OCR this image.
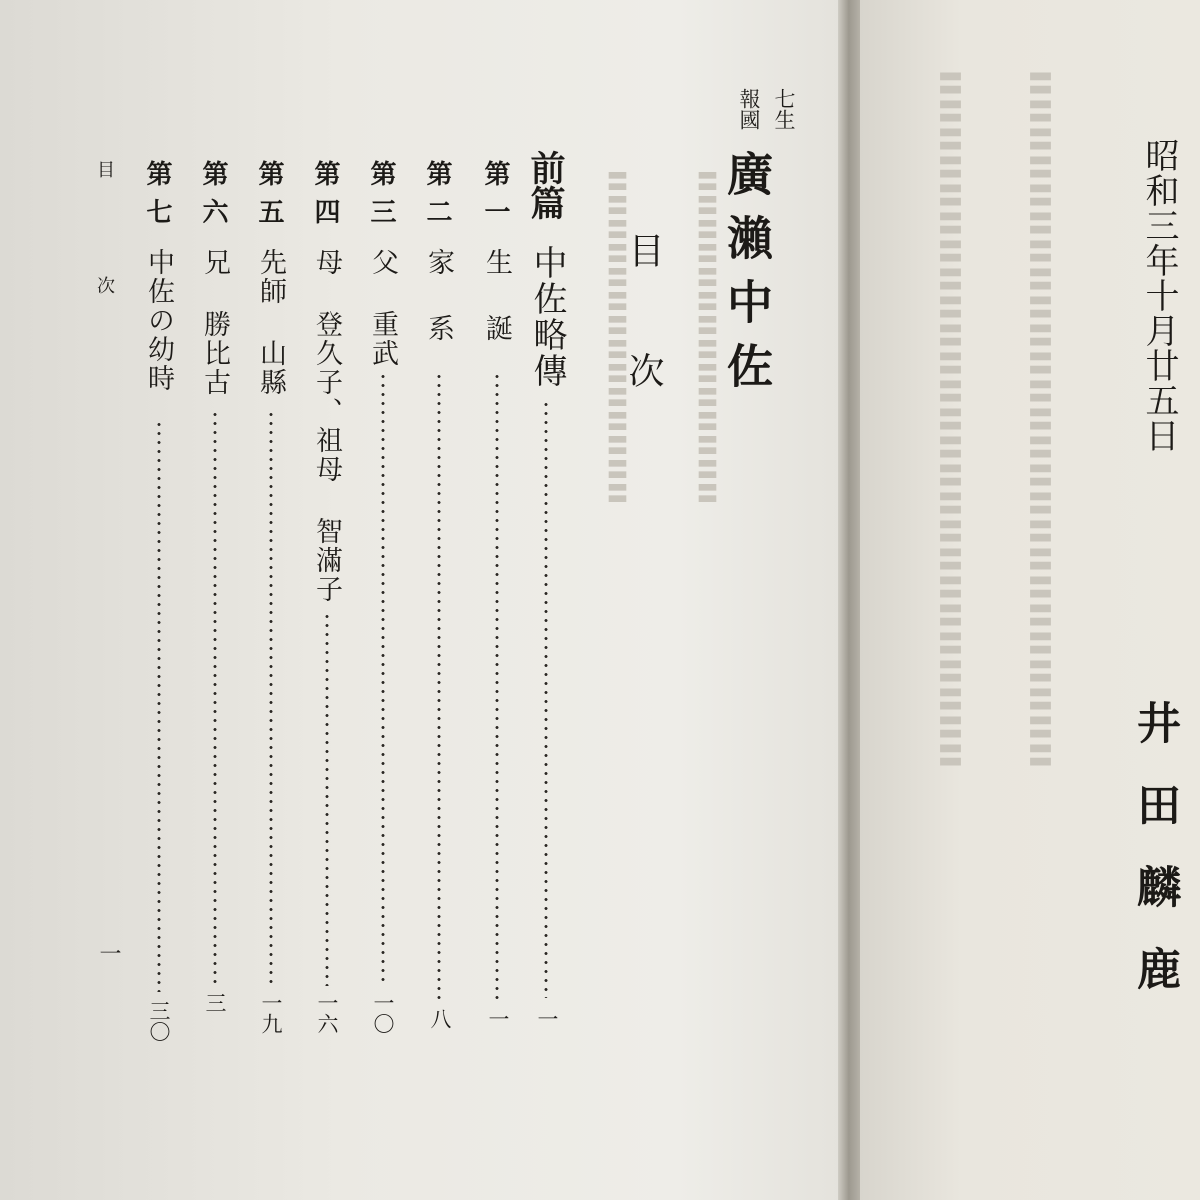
〓〓〓〓〓〓〓〓〓〓〓〓〓〓〓〓〓〓〓〓〓〓〓〓〓 〓〓〓〓〓〓〓〓〓〓〓〓〓〓〓〓〓〓〓〓〓〓〓〓〓
〓〓〓〓〓〓〓〓〓〓〓〓〓〓	〓〓〓〓〓〓〓〓〓〓〓〓〓〓
七生
報國
廣瀨中佐
目　次
前篇
中佐略傳
一
第一
生　誕
一
第二
家　系
八
第三
父 重武
一〇
第四
母 登久子、祖母 智滿子
一六
第五
先師 山縣
一九
第六
兄 勝比古
三
第七
中佐の幼時
三〇
目　次
一
昭和三年十月廿五日
井田麟鹿
